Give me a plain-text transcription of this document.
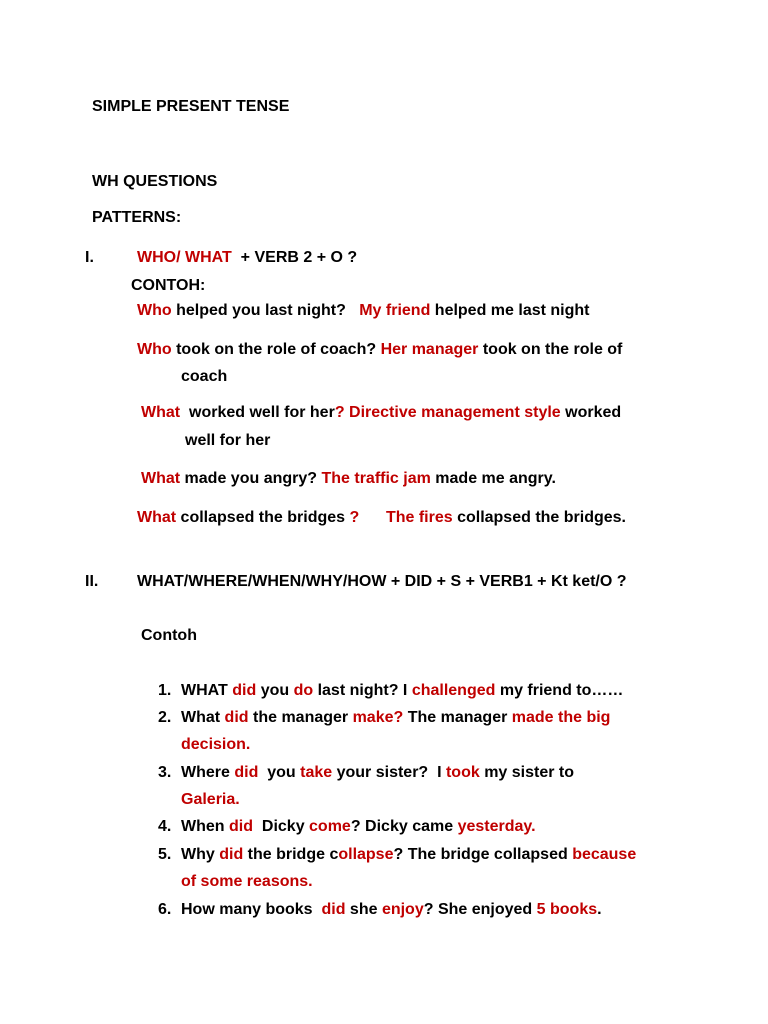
SIMPLE PRESENT TENSE
WH QUESTIONS
PATTERNS:
I.	WHO/ WHAT  + VERB 2 + O ?
CONTOH:
Who helped you last night?   My friend helped me last night
Who took on the role of coach? Her manager took on the role of
coach
What  worked well for her? Directive management style worked
well for her
What made you angry? The traffic jam made me angry.
What collapsed the bridges ? The fires collapsed the bridges.
II. WHAT/WHERE/WHEN/WHY/HOW + DID + S + VERB1 + Kt ket/O ?
Contoh
1. WHAT did you do last night? I challenged my friend to……
2. What did the manager make? The manager made the big
decision.
3. Where did  you take your sister?  I took my sister to
Galeria.
4. When did  Dicky come? Dicky came yesterday.
5. Why did the bridge collapse? The bridge collapsed because
of some reasons.
6. How many books  did she enjoy? She enjoyed 5 books.
